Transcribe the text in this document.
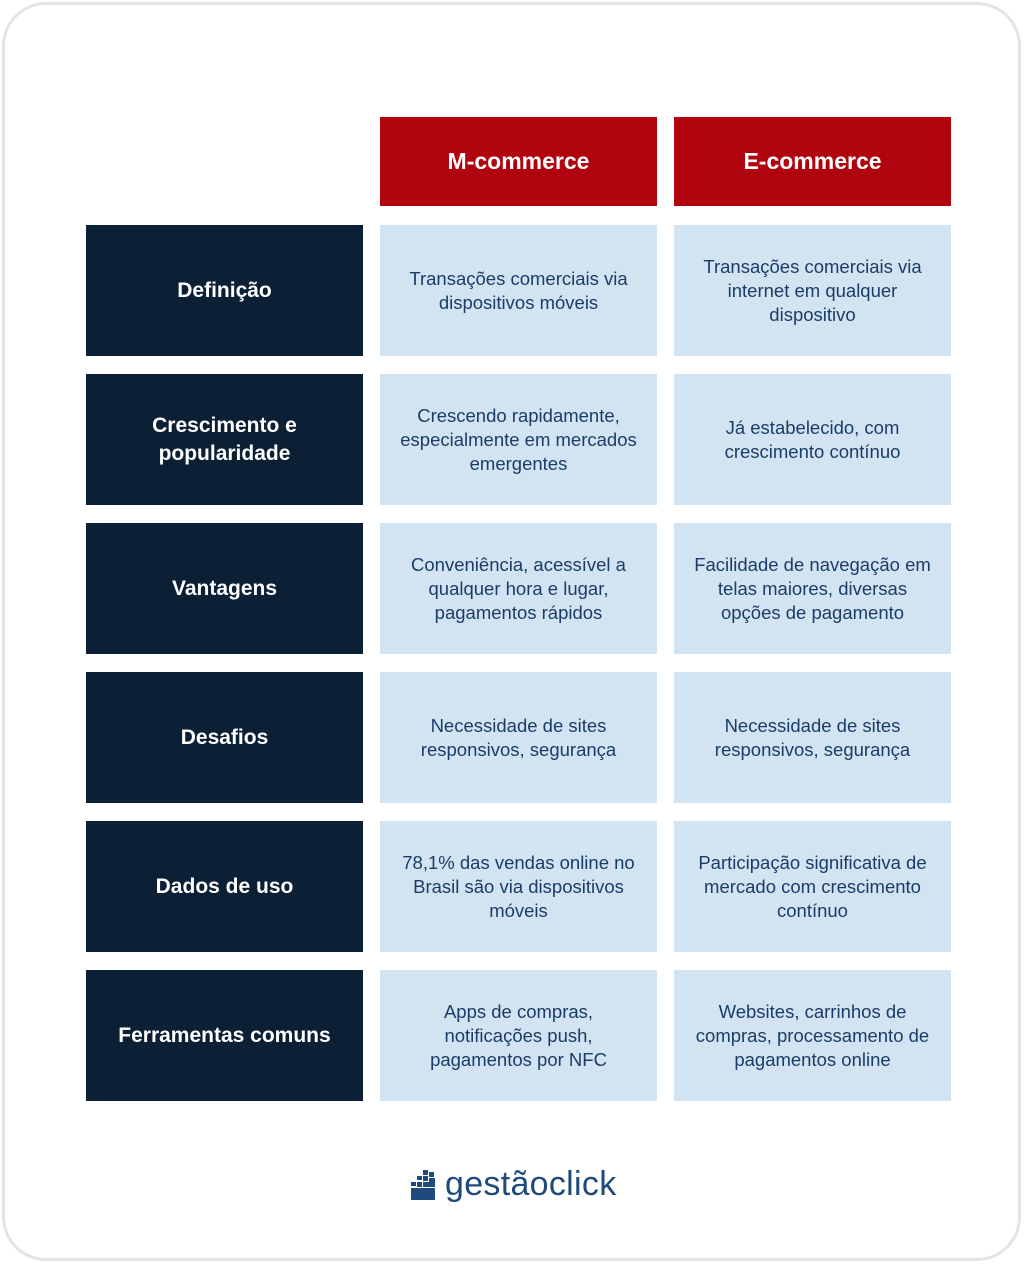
M-commerce	E-commerce
Definição
Transações comerciais via dispositivos móveis
Transações comerciais via internet em qualquer dispositivo
Crescimento e popularidade
Crescendo rapidamente, especialmente em mercados emergentes
Já estabelecido, com crescimento contínuo
Vantagens
Conveniência, acessível a qualquer hora e lugar, pagamentos rápidos
Facilidade de navegação em telas maiores, diversas opções de pagamento
Desafios
Necessidade de sites responsivos, segurança
Necessidade de sites responsivos, segurança
Dados de uso
78,1% das vendas online no Brasil são via dispositivos móveis
Participação significativa de mercado com crescimento contínuo
Ferramentas comuns
Apps de compras, notificações push, pagamentos por NFC
Websites, carrinhos de compras, processamento de pagamentos online
gestãoclick
